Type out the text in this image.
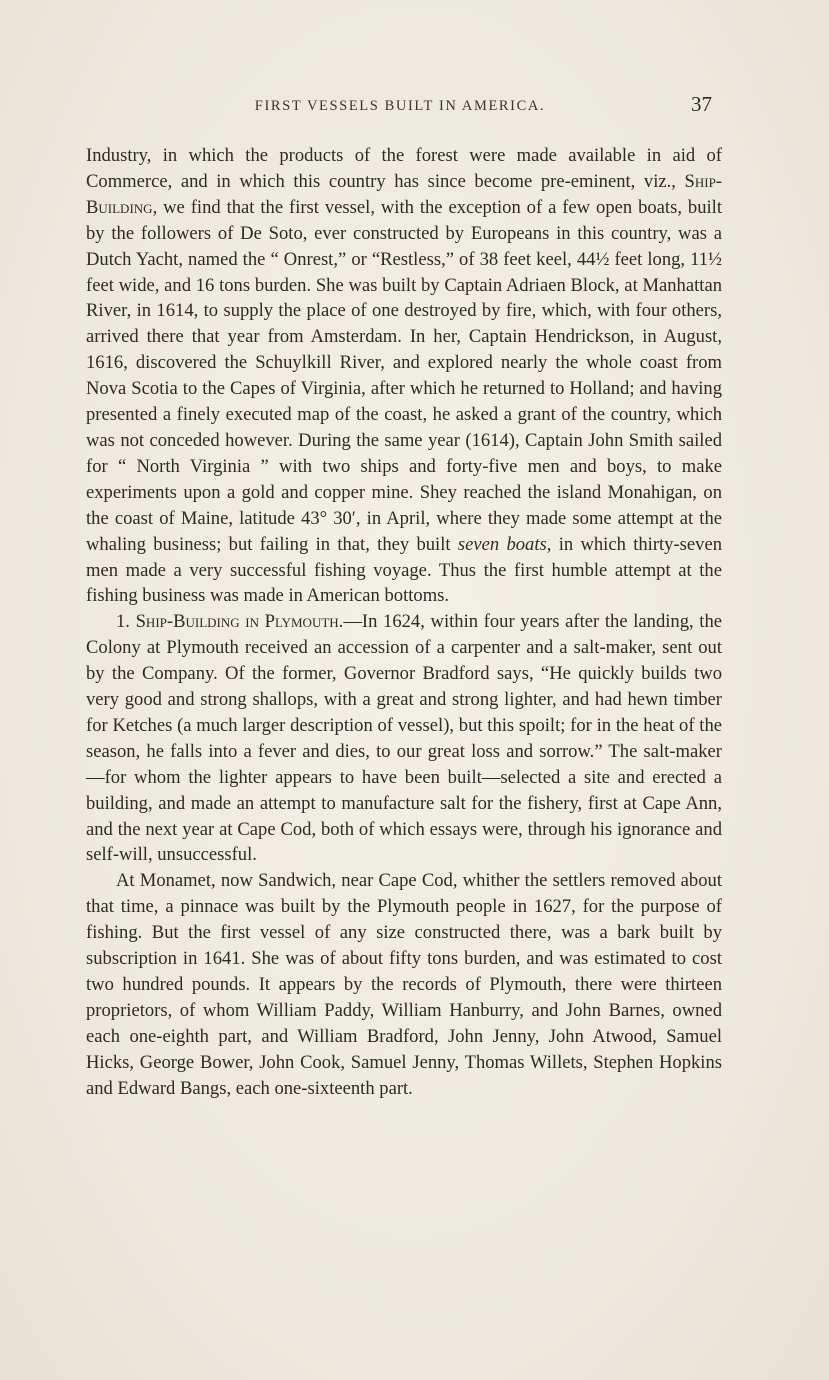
FIRST VESSELS BUILT IN AMERICA.	37

Industry, in which the products of the forest were made available in aid of Commerce, and in which this country has since become pre-eminent, viz., Ship-Building, we find that the first vessel, with the exception of a few open boats, built by the followers of De Soto, ever constructed by Europeans in this country, was a Dutch Yacht, named the “ Onrest,” or “Restless,” of 38 feet keel, 44½ feet long, 11½ feet wide, and 16 tons burden. She was built by Captain Adriaen Block, at Manhattan River, in 1614, to supply the place of one destroyed by fire, which, with four others, arrived there that year from Amsterdam. In her, Captain Hendrickson, in August, 1616, discovered the Schuylkill River, and explored nearly the whole coast from Nova Scotia to the Capes of Virginia, after which he returned to Holland; and having presented a finely executed map of the coast, he asked a grant of the country, which was not conceded however. During the same year (1614), Captain John Smith sailed for “ North Virginia ” with two ships and forty-five men and boys, to make experiments upon a gold and copper mine. Shey reached the island Monahigan, on the coast of Maine, latitude 43° 30′, in April, where they made some attempt at the whaling business; but failing in that, they built seven boats, in which thirty-seven men made a very successful fishing voyage. Thus the first humble attempt at the fishing business was made in American bottoms.

1. Ship-Building in Plymouth.—In 1624, within four years after the landing, the Colony at Plymouth received an accession of a carpenter and a salt-maker, sent out by the Company. Of the former, Governor Bradford says, “He quickly builds two very good and strong shallops, with a great and strong lighter, and had hewn timber for Ketches (a much larger description of vessel), but this spoilt; for in the heat of the season, he falls into a fever and dies, to our great loss and sorrow.” The salt-maker —for whom the lighter appears to have been built—selected a site and erected a building, and made an attempt to manufacture salt for the fishery, first at Cape Ann, and the next year at Cape Cod, both of which essays were, through his ignorance and self-will, unsuccessful.

At Monamet, now Sandwich, near Cape Cod, whither the settlers removed about that time, a pinnace was built by the Plymouth people in 1627, for the purpose of fishing. But the first vessel of any size constructed there, was a bark built by subscription in 1641. She was of about fifty tons burden, and was estimated to cost two hundred pounds. It appears by the records of Plymouth, there were thirteen proprietors, of whom William Paddy, William Hanburry, and John Barnes, owned each one-eighth part, and William Bradford, John Jenny, John Atwood, Samuel Hicks, George Bower, John Cook, Samuel Jenny, Thomas Willets, Stephen Hopkins and Edward Bangs, each one-sixteenth part.
